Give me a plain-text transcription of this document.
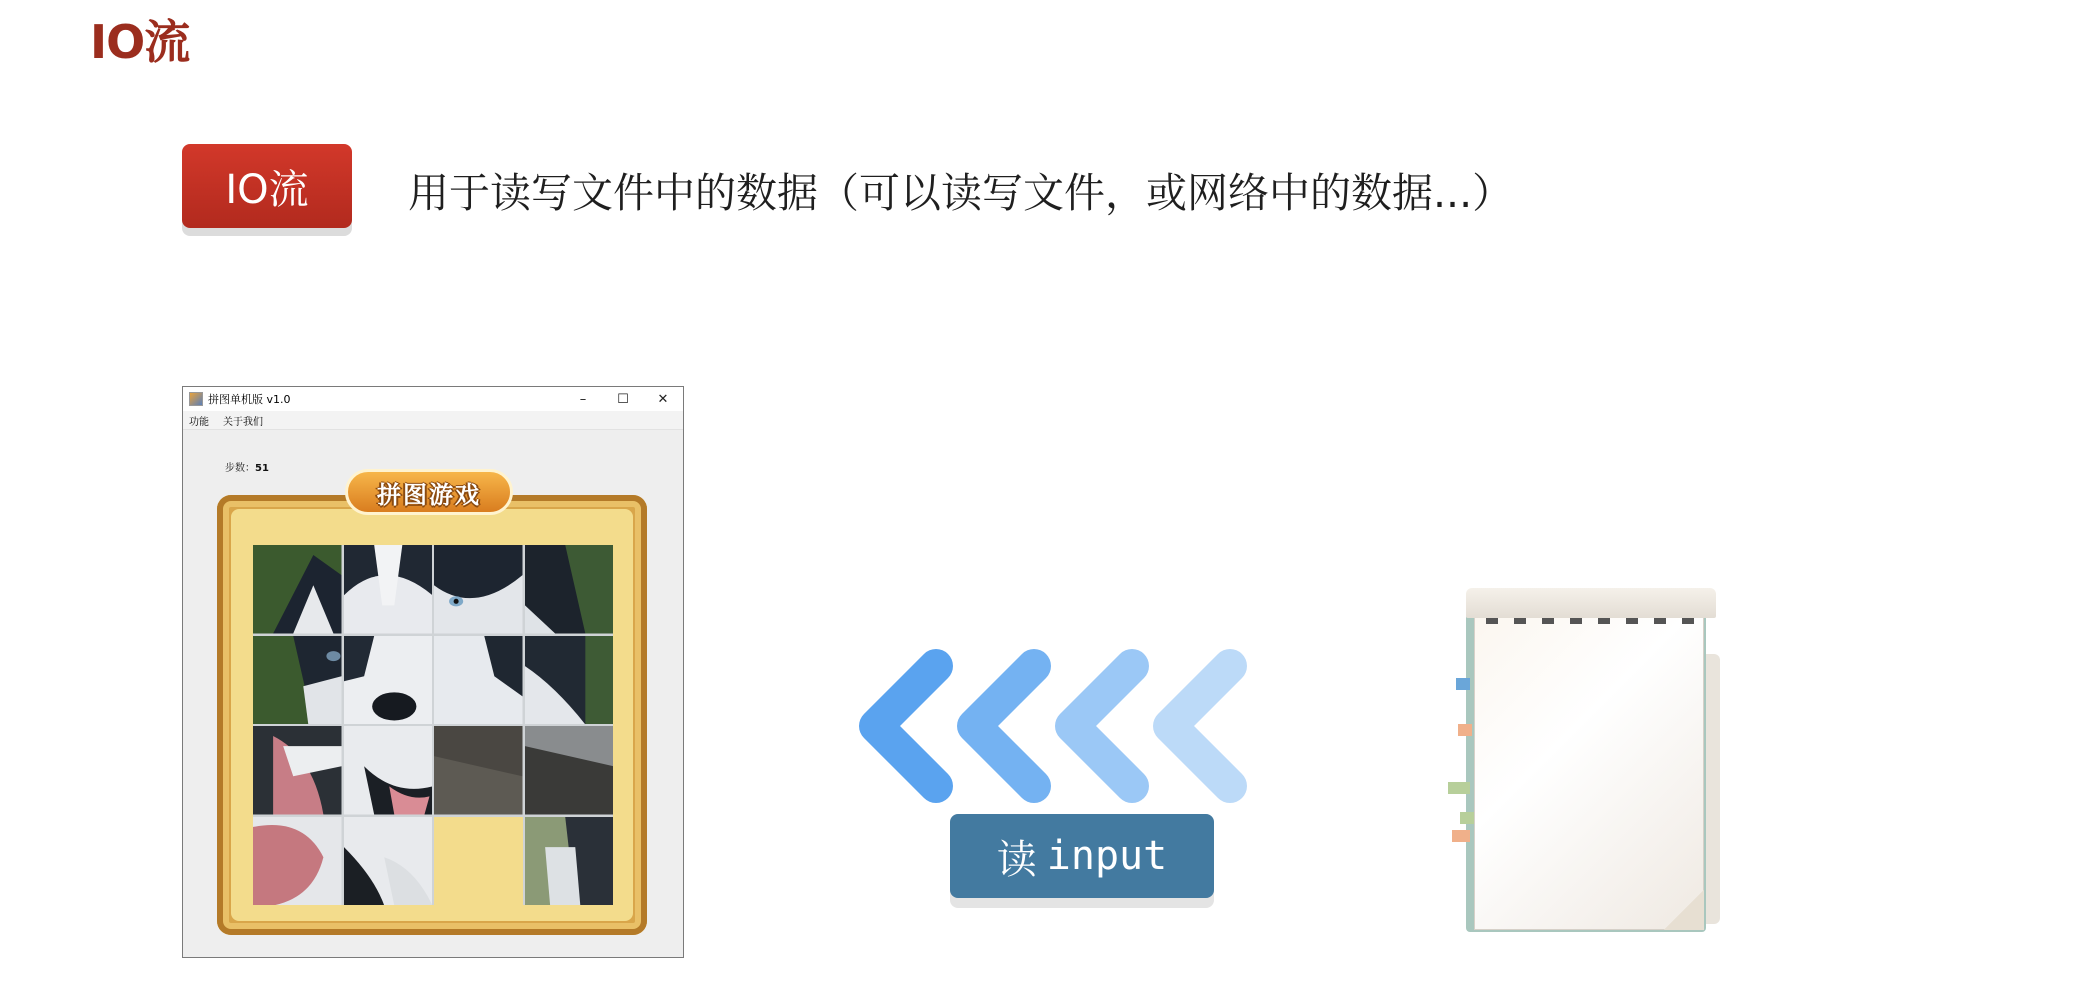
IO流
IO流	用于读写文件中的数据（可以读写文件，或网络中的数据...）
拼图单机版 v1.0	–	☐	✕
功能 关于我们
步数：51
拼图游戏
读 input
